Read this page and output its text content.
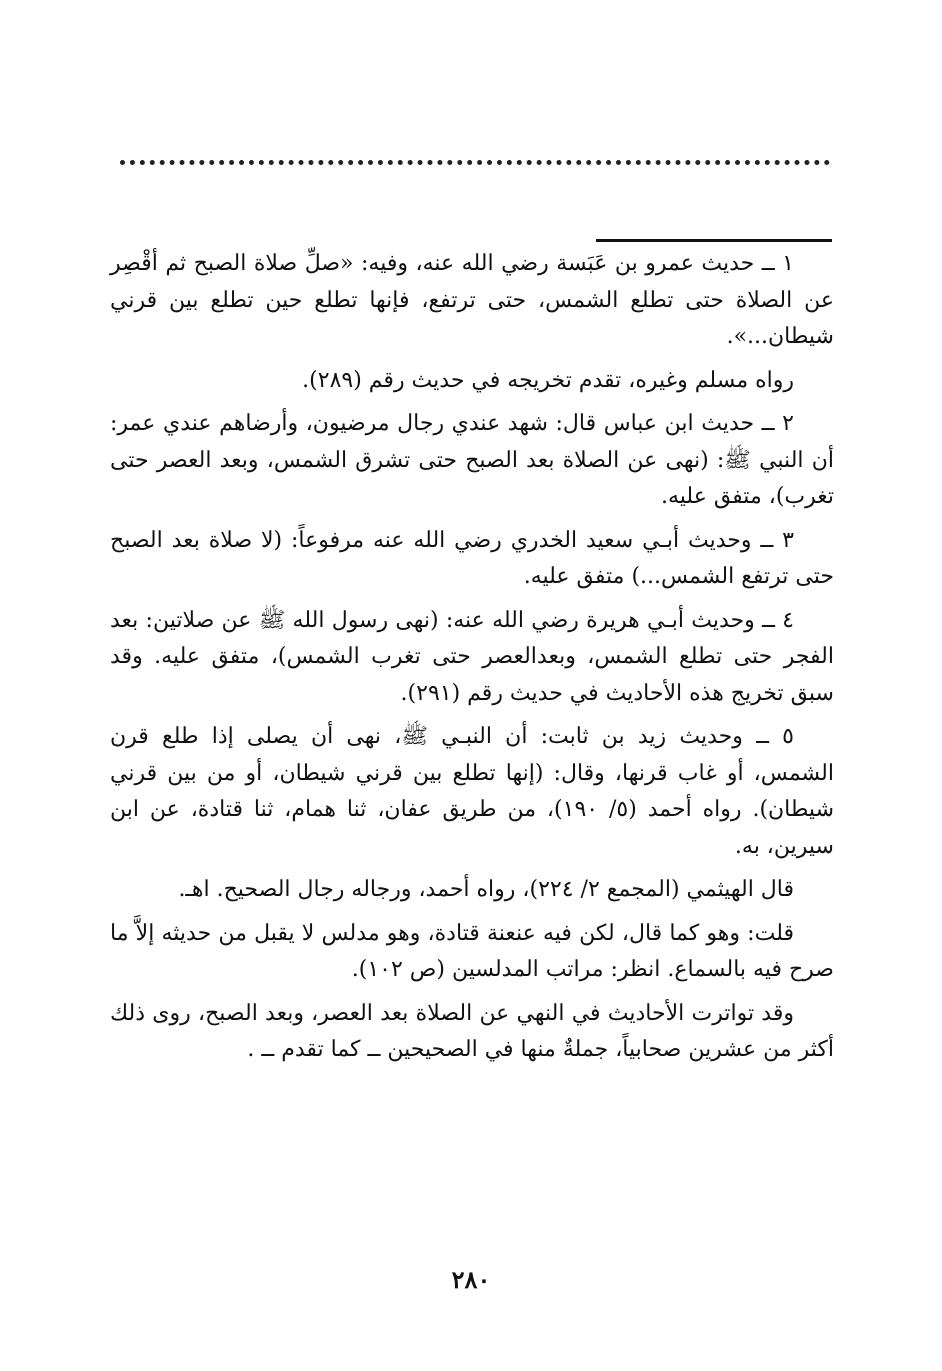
١ ــ حديث عمرو بن عَبَسة رضي الله عنه، وفيه: «صلِّ صلاة الصبح ثم أقْصِر عن الصلاة حتى تطلع الشمس، حتى ترتفع، فإنها تطلع حين تطلع بين قرني شيطان...».

رواه مسلم وغيره، تقدم تخريجه في حديث رقم (٢٨٩).

٢ ــ حديث ابن عباس قال: شهد عندي رجال مرضيون، وأرضاهم عندي عمر: أن النبي ﷺ: (نهى عن الصلاة بعد الصبح حتى تشرق الشمس، وبعد العصر حتى تغرب)، متفق عليه.

٣ ــ وحديث أبـي سعيد الخدري رضي الله عنه مرفوعاً: (لا صلاة بعد الصبح حتى ترتفع الشمس...) متفق عليه.

٤ ــ وحديث أبـي هريرة رضي الله عنه: (نهى رسول الله ﷺ عن صلاتين: بعد الفجر حتى تطلع الشمس، وبعدالعصر حتى تغرب الشمس)، متفق عليه. وقد سبق تخريج هذه الأحاديث في حديث رقم (٢٩١).

٥ ــ وحديث زيد بن ثابت: أن النبـي ﷺ، نهى أن يصلى إذا طلع قرن الشمس، أو غاب قرنها، وقال: (إنها تطلع بين قرني شيطان، أو من بين قرني شيطان). رواه أحمد (٥/ ١٩٠)، من طريق عفان، ثنا همام، ثنا قتادة، عن ابن سيرين، به.

قال الهيثمي (المجمع ٢/ ٢٢٤)، رواه أحمد، ورجاله رجال الصحيح. اهـ.

قلت: وهو كما قال، لكن فيه عنعنة قتادة، وهو مدلس لا يقبل من حديثه إلاَّ ما صرح فيه بالسماع. انظر: مراتب المدلسين (ص ١٠٢).

وقد تواترت الأحاديث في النهي عن الصلاة بعد العصر، وبعد الصبح، روى ذلك أكثر من عشرين صحابياً، جملةٌ منها في الصحيحين ــ كما تقدم ــ .

٢٨٠
